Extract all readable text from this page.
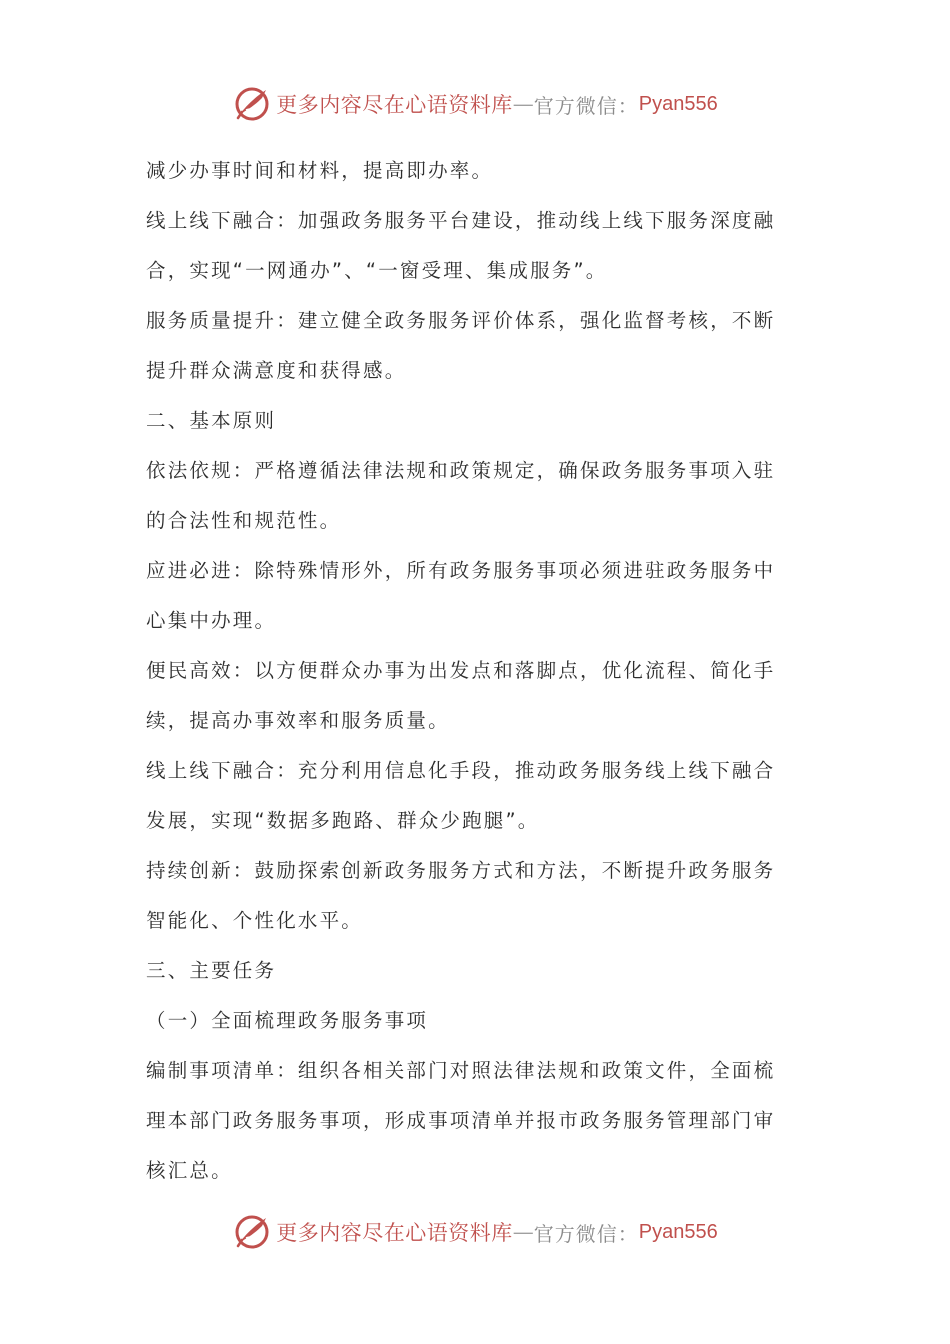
更多内容尽在心语资料库 — 官方微信： Pyan556
减少办事时间和材料，提高即办率。
线上线下融合：加强政务服务平台建设，推动线上线下服务深度融
合，实现“一网通办”、“一窗受理、集成服务”。
服务质量提升：建立健全政务服务评价体系，强化监督考核，不断
提升群众满意度和获得感。
二、基本原则
依法依规：严格遵循法律法规和政策规定，确保政务服务事项入驻
的合法性和规范性。
应进必进：除特殊情形外，所有政务服务事项必须进驻政务服务中
心集中办理。
便民高效：以方便群众办事为出发点和落脚点，优化流程、简化手
续，提高办事效率和服务质量。
线上线下融合：充分利用信息化手段，推动政务服务线上线下融合
发展，实现“数据多跑路、群众少跑腿”。
持续创新：鼓励探索创新政务服务方式和方法，不断提升政务服务
智能化、个性化水平。
三、主要任务
（一）全面梳理政务服务事项
编制事项清单：组织各相关部门对照法律法规和政策文件，全面梳
理本部门政务服务事项，形成事项清单并报市政务服务管理部门审
核汇总。
更多内容尽在心语资料库 — 官方微信： Pyan556
